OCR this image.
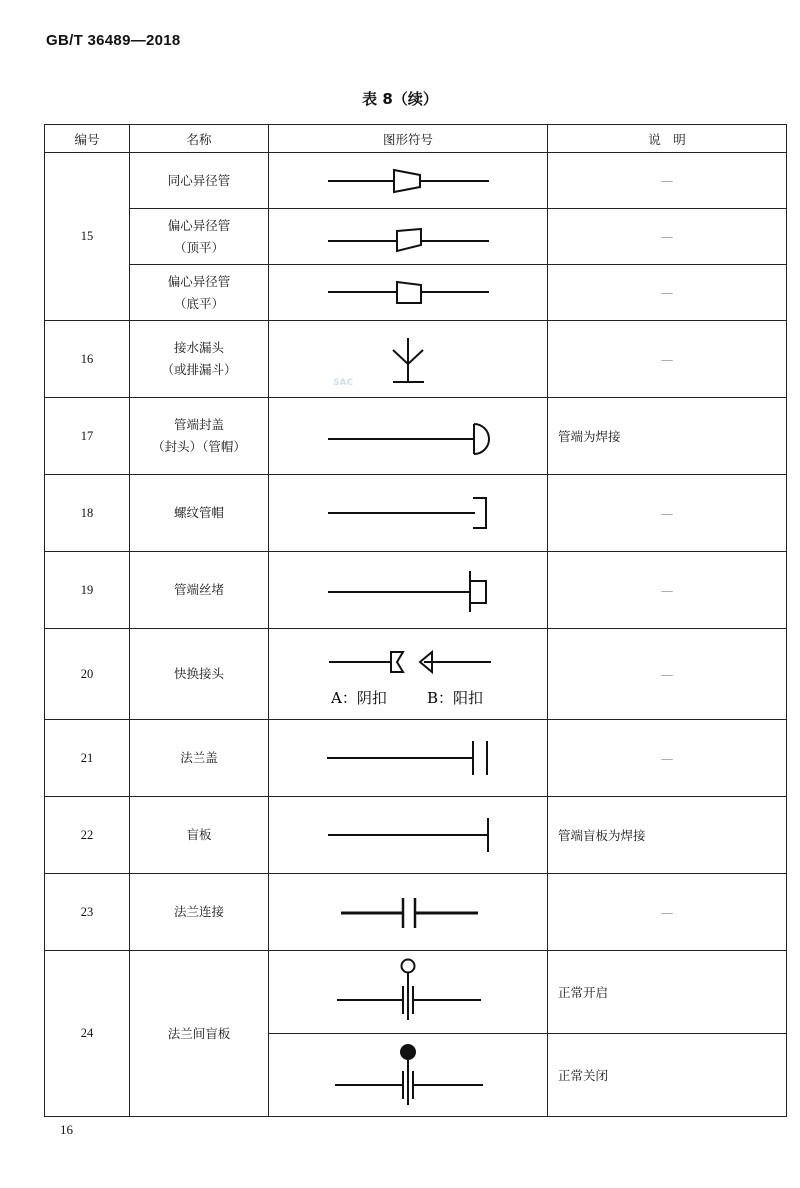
GB/T 36489—2018
表 8（续）
SAC
编号	名称	图形符号	说　明
15	同心异径管		—

	偏心异径管
（顶平）		—

	偏心异径管
（底平）		—
16	接水漏头
（或排漏斗）		—
17	管端封盖
（封头）（管帽）		管端为焊接
18	螺纹管帽		—
19	管端丝堵		—
20	快换接头	A：阴扣 B：阳扣	—
21	法兰盖		—
22	盲板		管端盲板为焊接
23	法兰连接		—
24	法兰间盲板		正常开启

	正常关闭
16
